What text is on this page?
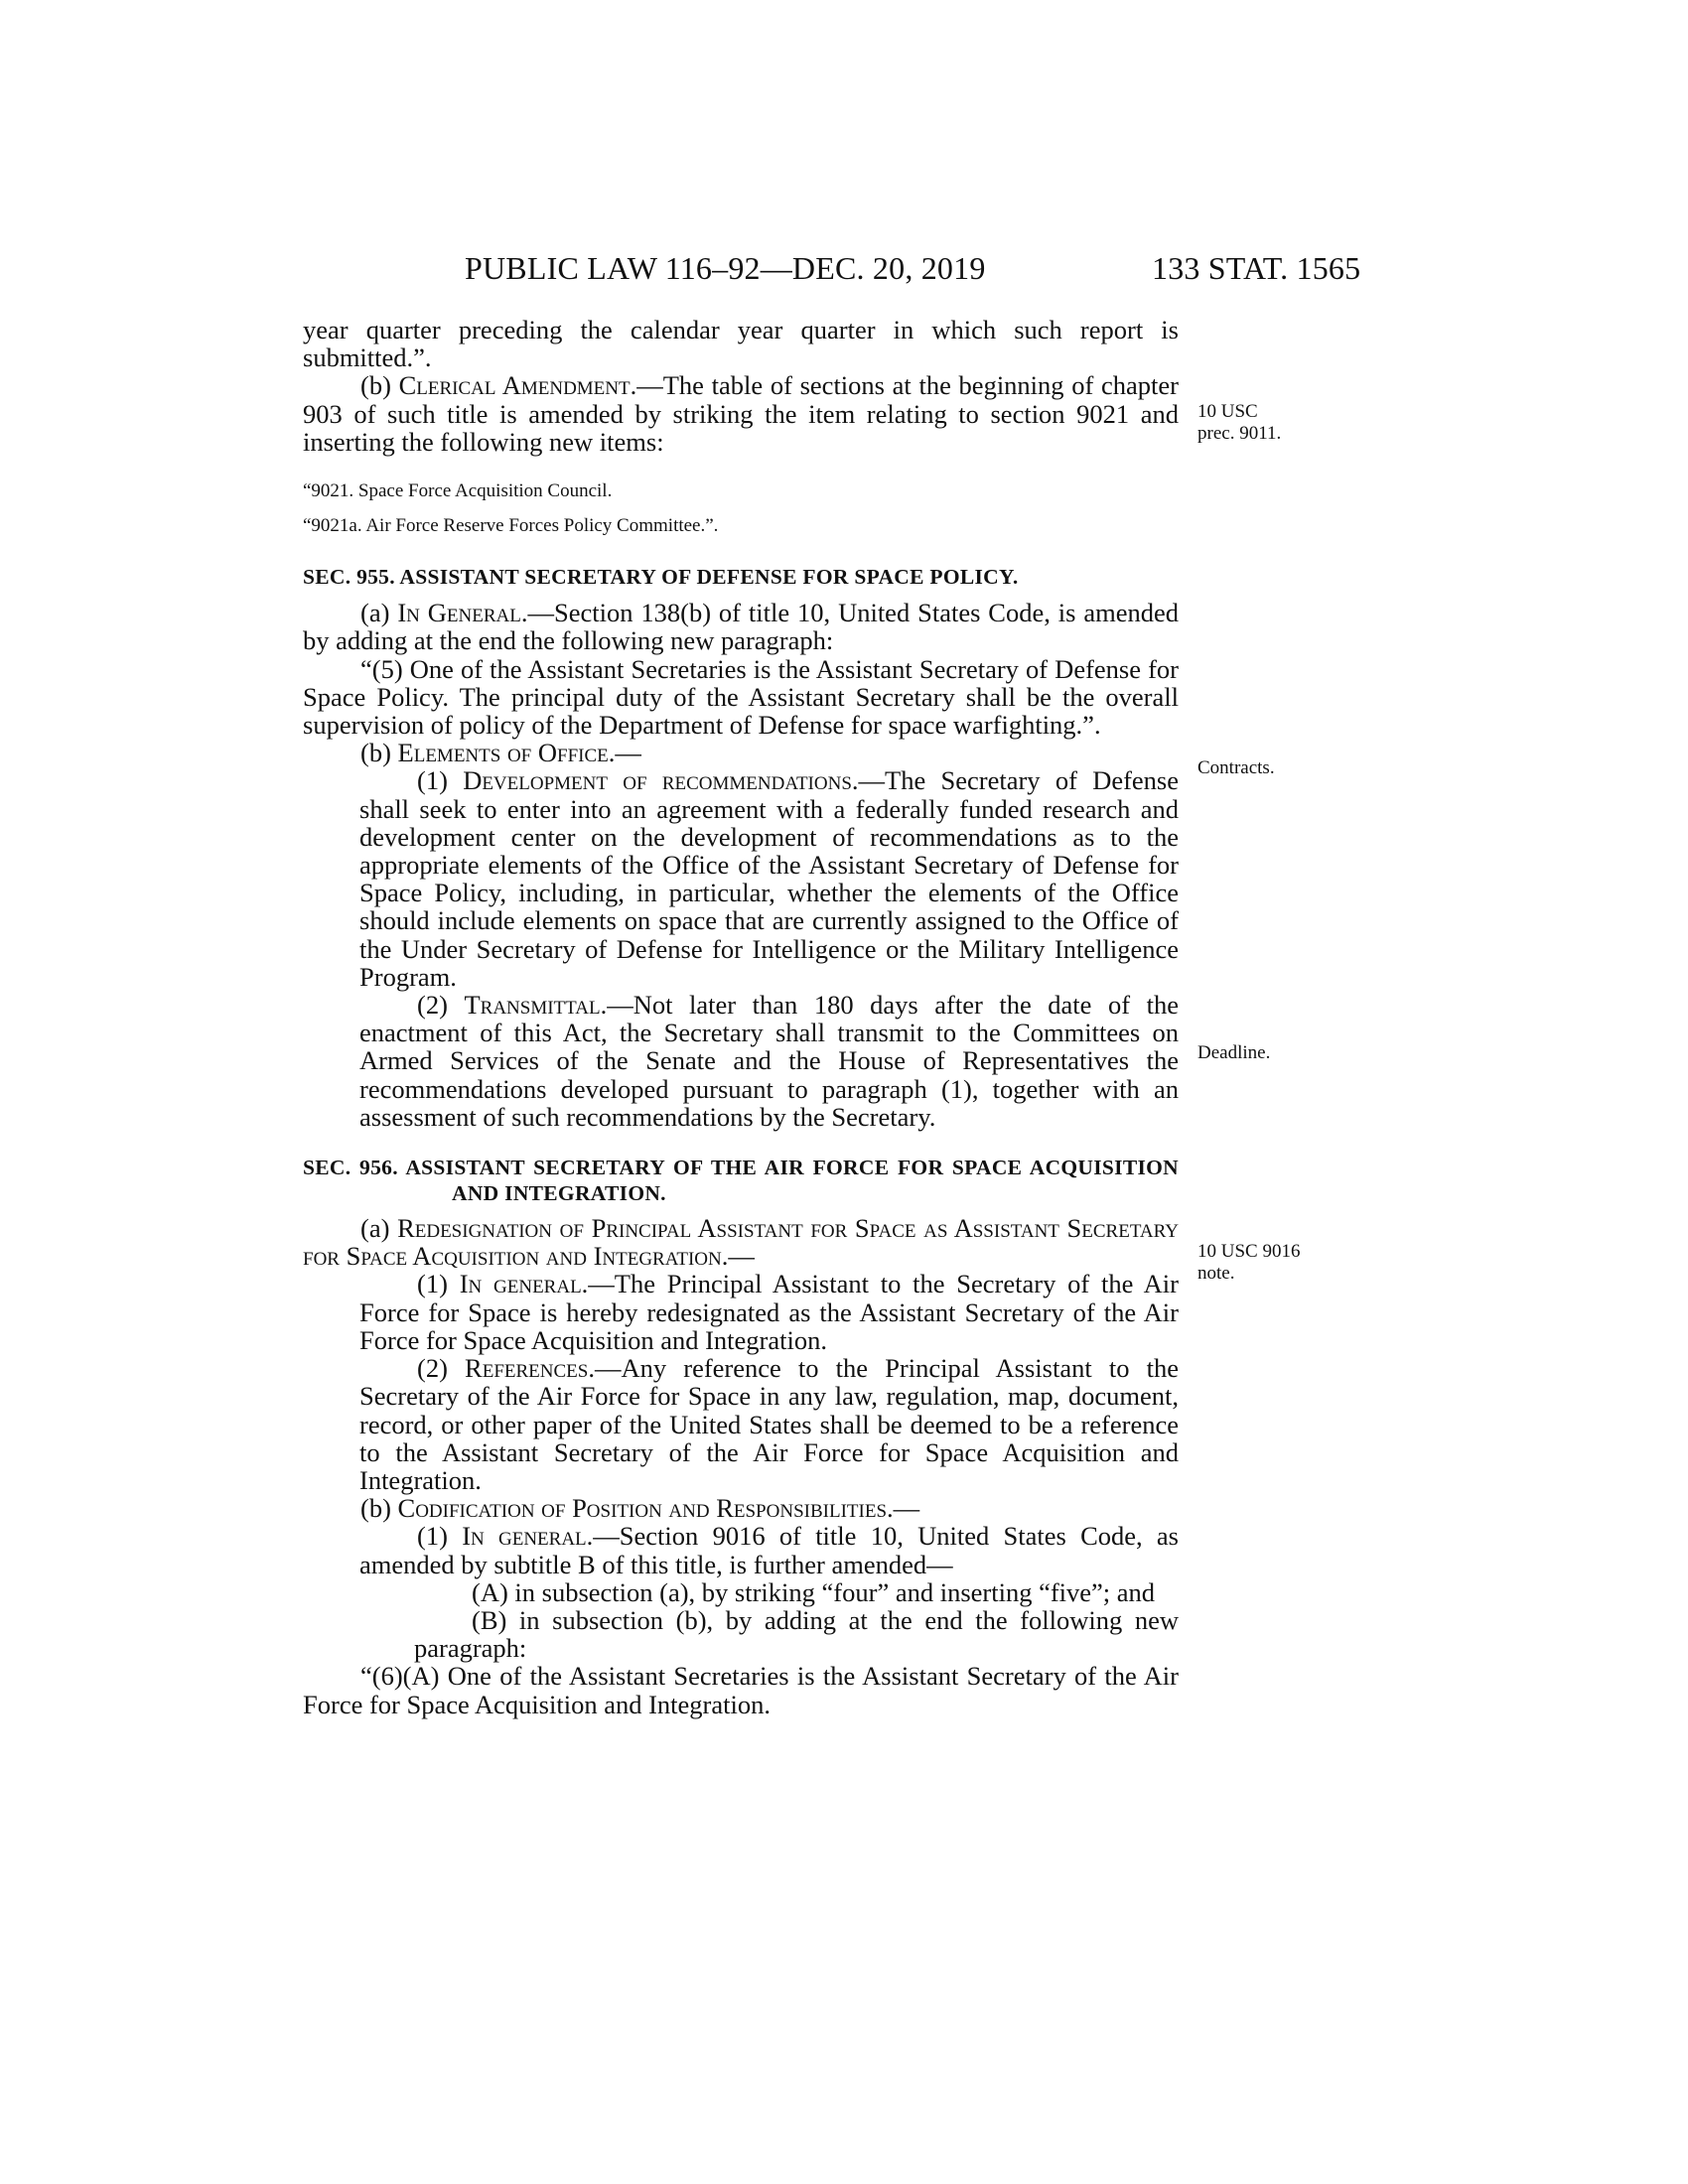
PUBLIC LAW 116–92—DEC. 20, 2019	133 STAT. 1565
10 USC
prec. 9011.
Contracts.
Deadline.
10 USC 9016
note.

year quarter preceding the calendar year quarter in which such report is submitted.”.

(b) Clerical Amendment.—The table of sections at the beginning of chapter 903 of such title is amended by striking the item relating to section 9021 and inserting the following new items:

“9021. Space Force Acquisition Council.

“9021a. Air Force Reserve Forces Policy Committee.”.

SEC. 955. ASSISTANT SECRETARY OF DEFENSE FOR SPACE POLICY.

(a) In General.—Section 138(b) of title 10, United States Code, is amended by adding at the end the following new paragraph:

“(5) One of the Assistant Secretaries is the Assistant Secretary of Defense for Space Policy. The principal duty of the Assistant Secretary shall be the overall supervision of policy of the Department of Defense for space warfighting.”.

(b) Elements of Office.—

(1) Development of recommendations.—The Secretary of Defense shall seek to enter into an agreement with a federally funded research and development center on the development of recommendations as to the appropriate elements of the Office of the Assistant Secretary of Defense for Space Policy, including, in particular, whether the elements of the Office should include elements on space that are currently assigned to the Office of the Under Secretary of Defense for Intelligence or the Military Intelligence Program.

(2) Transmittal.—Not later than 180 days after the date of the enactment of this Act, the Secretary shall transmit to the Committees on Armed Services of the Senate and the House of Representatives the recommendations developed pursuant to paragraph (1), together with an assessment of such recommendations by the Secretary.

SEC. 956. ASSISTANT SECRETARY OF THE AIR FORCE FOR SPACE ACQUISITION AND INTEGRATION.

(a) Redesignation of Principal Assistant for Space as Assistant Secretary for Space Acquisition and Integration.—

(1) In general.—The Principal Assistant to the Secretary of the Air Force for Space is hereby redesignated as the Assistant Secretary of the Air Force for Space Acquisition and Integration.

(2) References.—Any reference to the Principal Assistant to the Secretary of the Air Force for Space in any law, regulation, map, document, record, or other paper of the United States shall be deemed to be a reference to the Assistant Secretary of the Air Force for Space Acquisition and Integration.

(b) Codification of Position and Responsibilities.—

(1) In general.—Section 9016 of title 10, United States Code, as amended by subtitle B of this title, is further amended—

(A) in subsection (a), by striking “four” and inserting “five”; and

(B) in subsection (b), by adding at the end the following new paragraph:

“(6)(A) One of the Assistant Secretaries is the Assistant Secretary of the Air Force for Space Acquisition and Integration.
